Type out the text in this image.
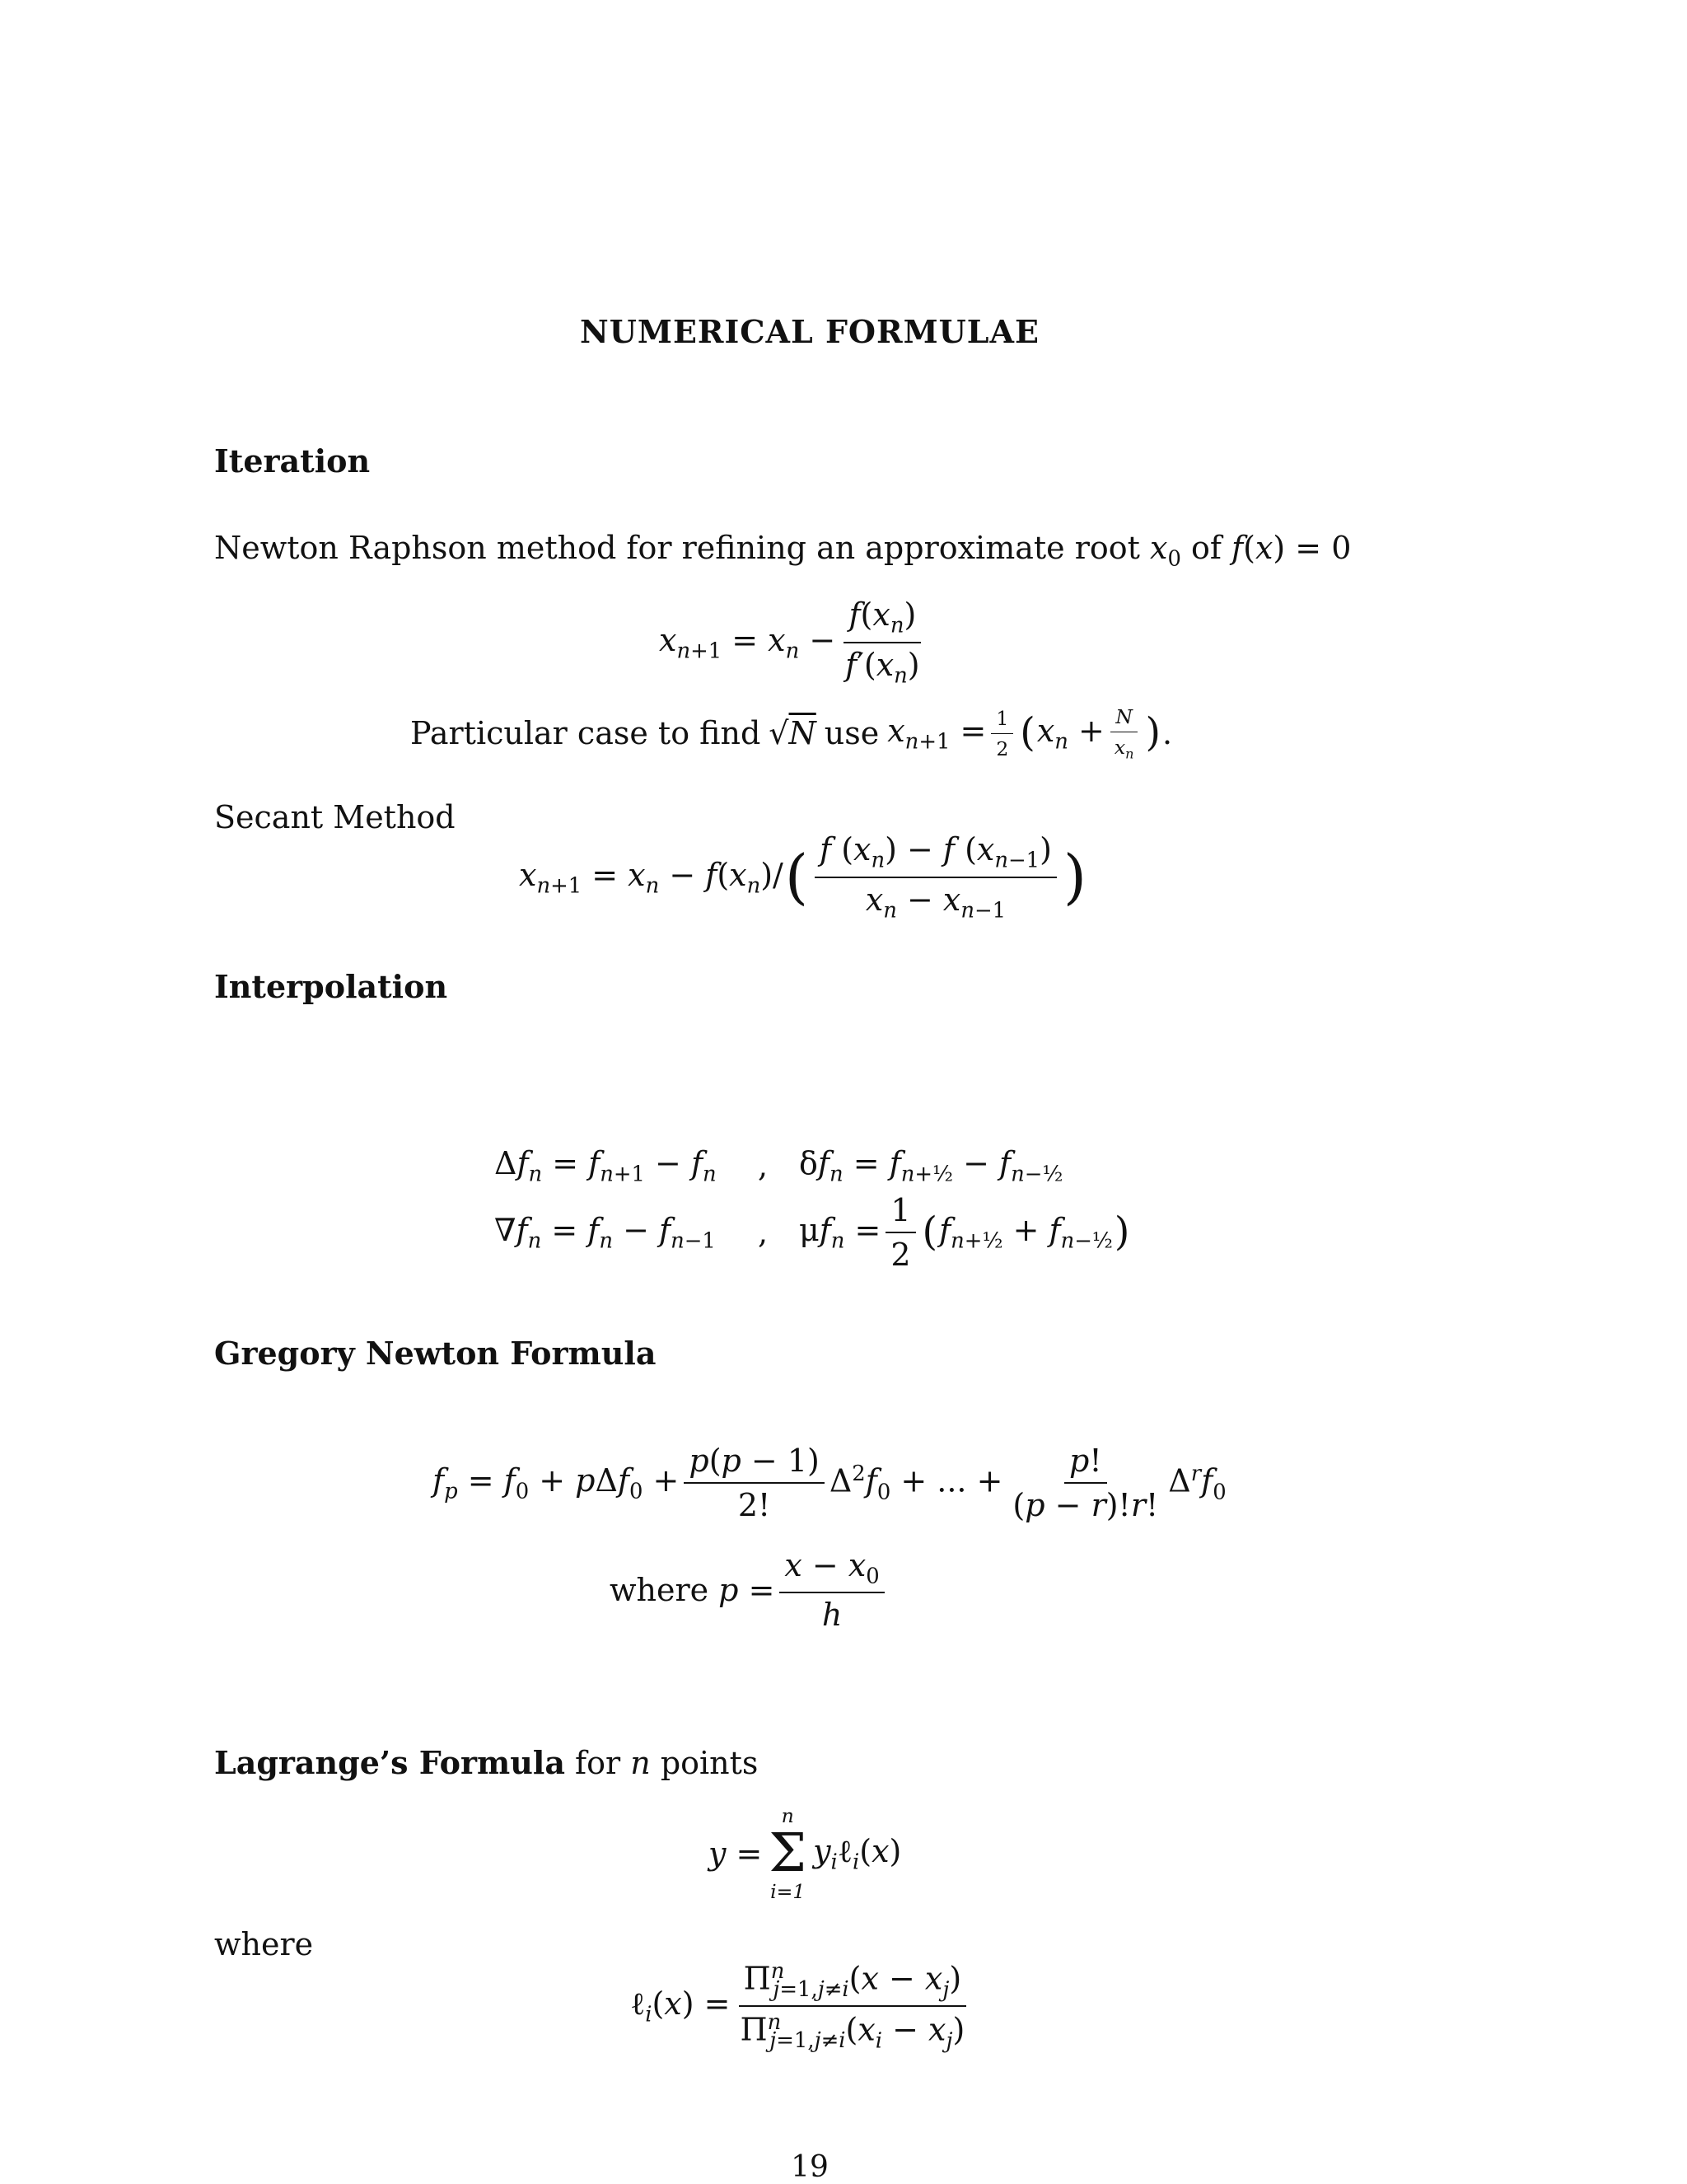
NUMERICAL FORMULAE
Iteration
Newton Raphson method for refining an approximate root $x_0$ of f(x) = 0
$x_{n+1} = x_n - \frac{f(x_n)}{f'(x_n)}$
Particular case to find √N use $x_{n+1} = \frac{1}{2}$ ( $x_n + \frac{N}{x_n}$ ) .
Secant Method
$x_{n+1} = x_n - f(x_n)/$ ( $\frac{f (x_n) - f (x_{n-1})}{x_n - x_{n-1}}$ )
Interpolation
$\Delta f_n = f_{n+1} - f_n$	, $\delta f_n = f_{n+\frac{1}{2}} - f_{n-\frac{1}{2}}$
$\nabla f_n = f_n - f_{n-1}$	, $\mu f_n = \frac{1}{2}$ ( $f_{n+\frac{1}{2}} + f_{n-\frac{1}{2}}$ )
Gregory Newton Formula
$f_p = f_0 + p\Delta f_0 + \frac{p(p - 1)}{2!} \Delta^2f_0$ + ... + $\frac{p!}{(p - r)!r!} \Delta^rf_0$
where $p = \frac{x - x_0}{h}$
Lagrange’s Formula for n points
y =
n
Σ
i=1
$y_i\ell_i(x)$
where
ℓ$_i$(x) = $\frac{\Pi^n_{j=1,j\ne i}(x - x_j)}{\Pi^n_{j=1,j\ne i}(x_i - x_j)}$
19
